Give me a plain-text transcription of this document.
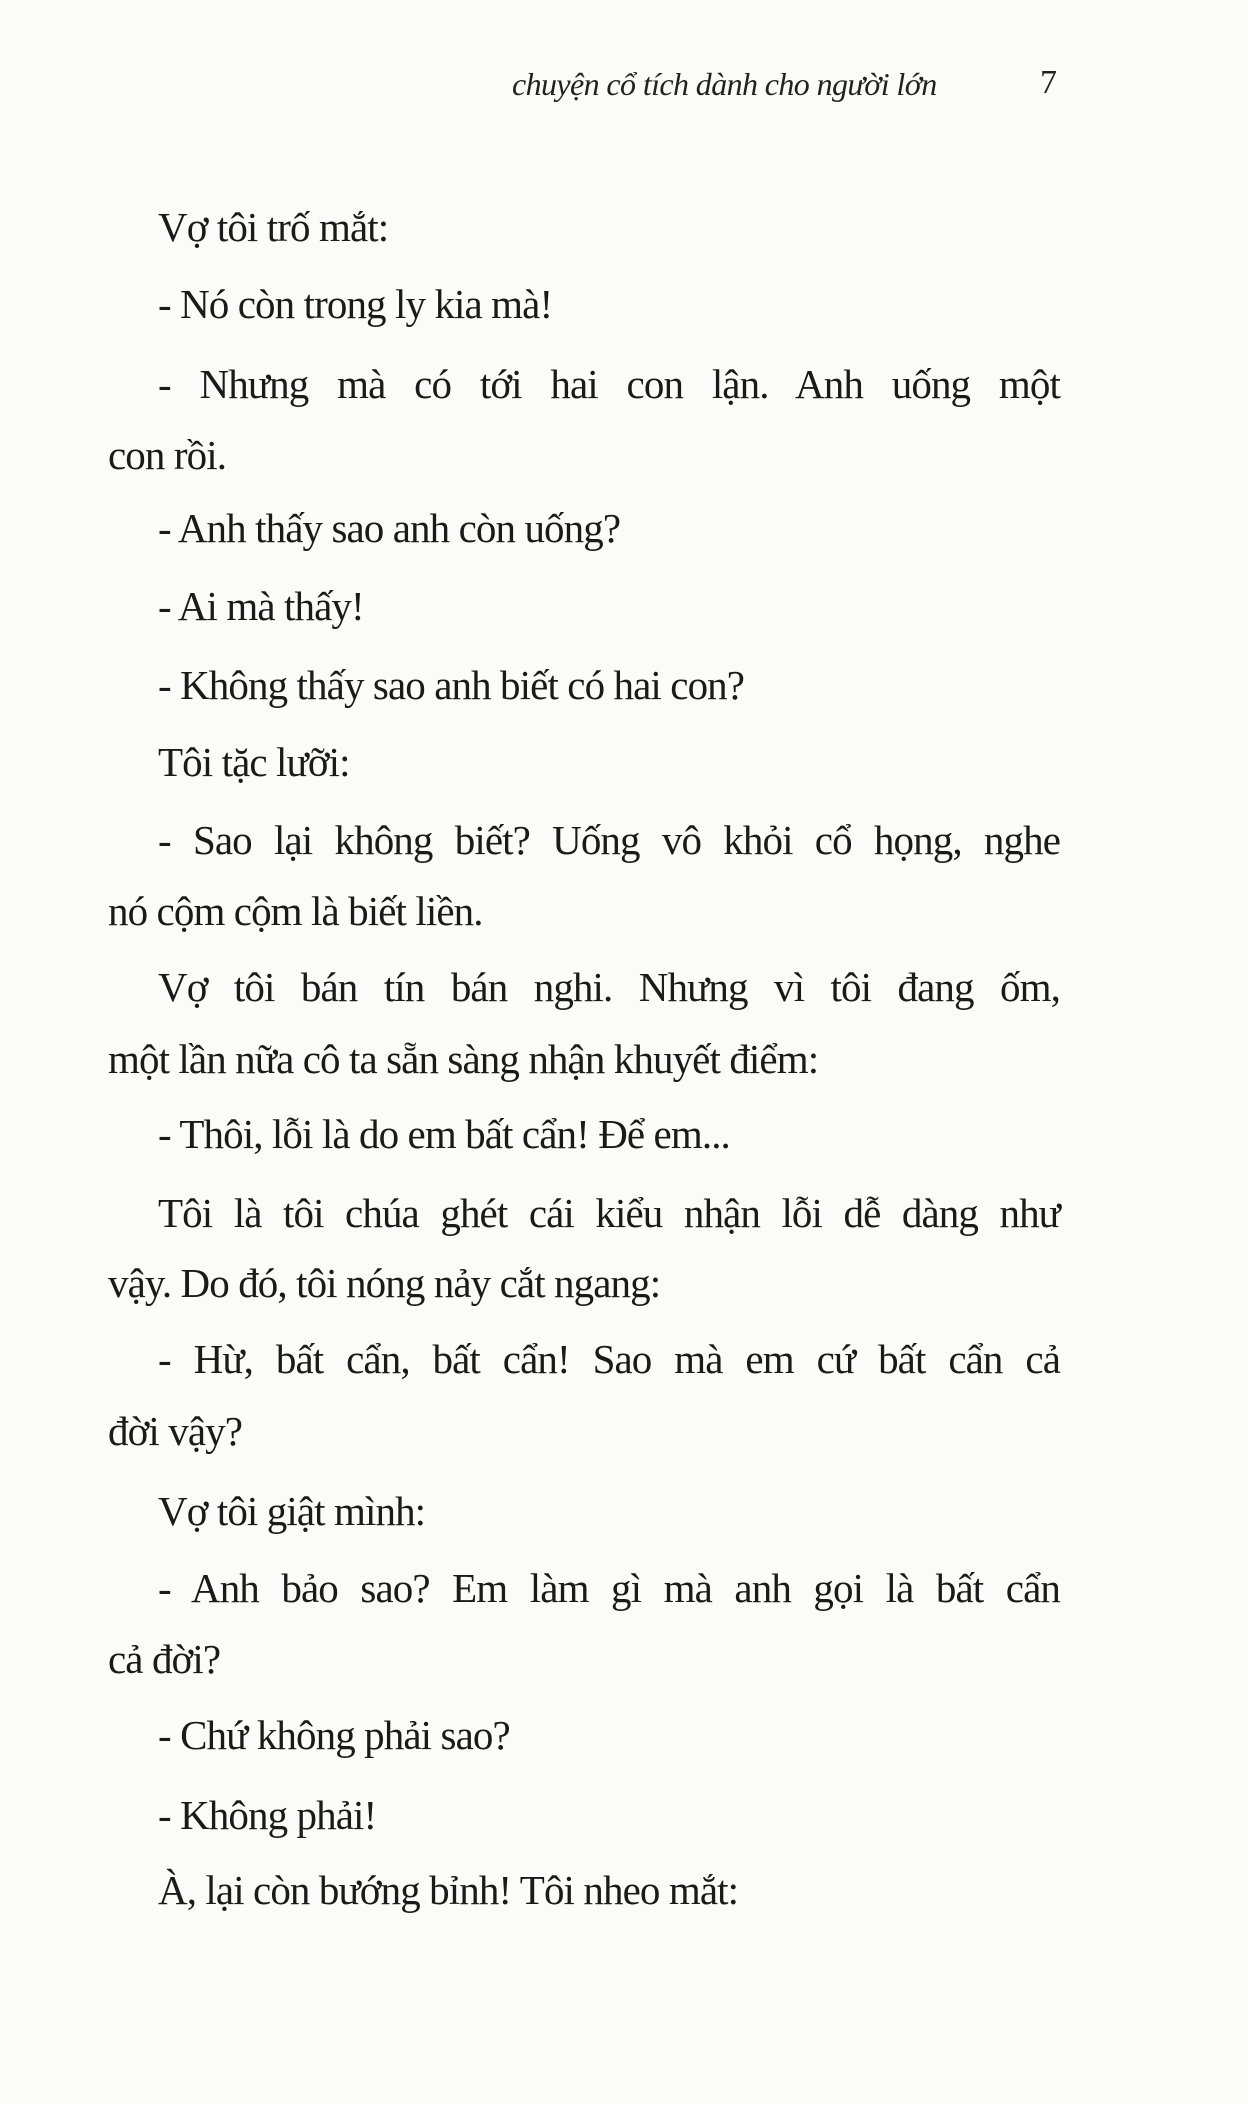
chuyện cổ tích dành cho người lớn	7
Vợ tôi trố mắt:
- Nó còn trong ly kia mà!
- Nhưng mà có tới hai con lận. Anh uống một
con rồi.
- Anh thấy sao anh còn uống?
- Ai mà thấy!
- Không thấy sao anh biết có hai con?
Tôi tặc lưỡi:
- Sao lại không biết? Uống vô khỏi cổ họng, nghe
nó cộm cộm là biết liền.
Vợ tôi bán tín bán nghi. Nhưng vì tôi đang ốm,
một lần nữa cô ta sẵn sàng nhận khuyết điểm:
- Thôi, lỗi là do em bất cẩn! Để em...
Tôi là tôi chúa ghét cái kiểu nhận lỗi dễ dàng như
vậy. Do đó, tôi nóng nảy cắt ngang:
- Hừ, bất cẩn, bất cẩn! Sao mà em cứ bất cẩn cả
đời vậy?
Vợ tôi giật mình:
- Anh bảo sao? Em làm gì mà anh gọi là bất cẩn
cả đời?
- Chứ không phải sao?
- Không phải!
À, lại còn bướng bỉnh! Tôi nheo mắt:
